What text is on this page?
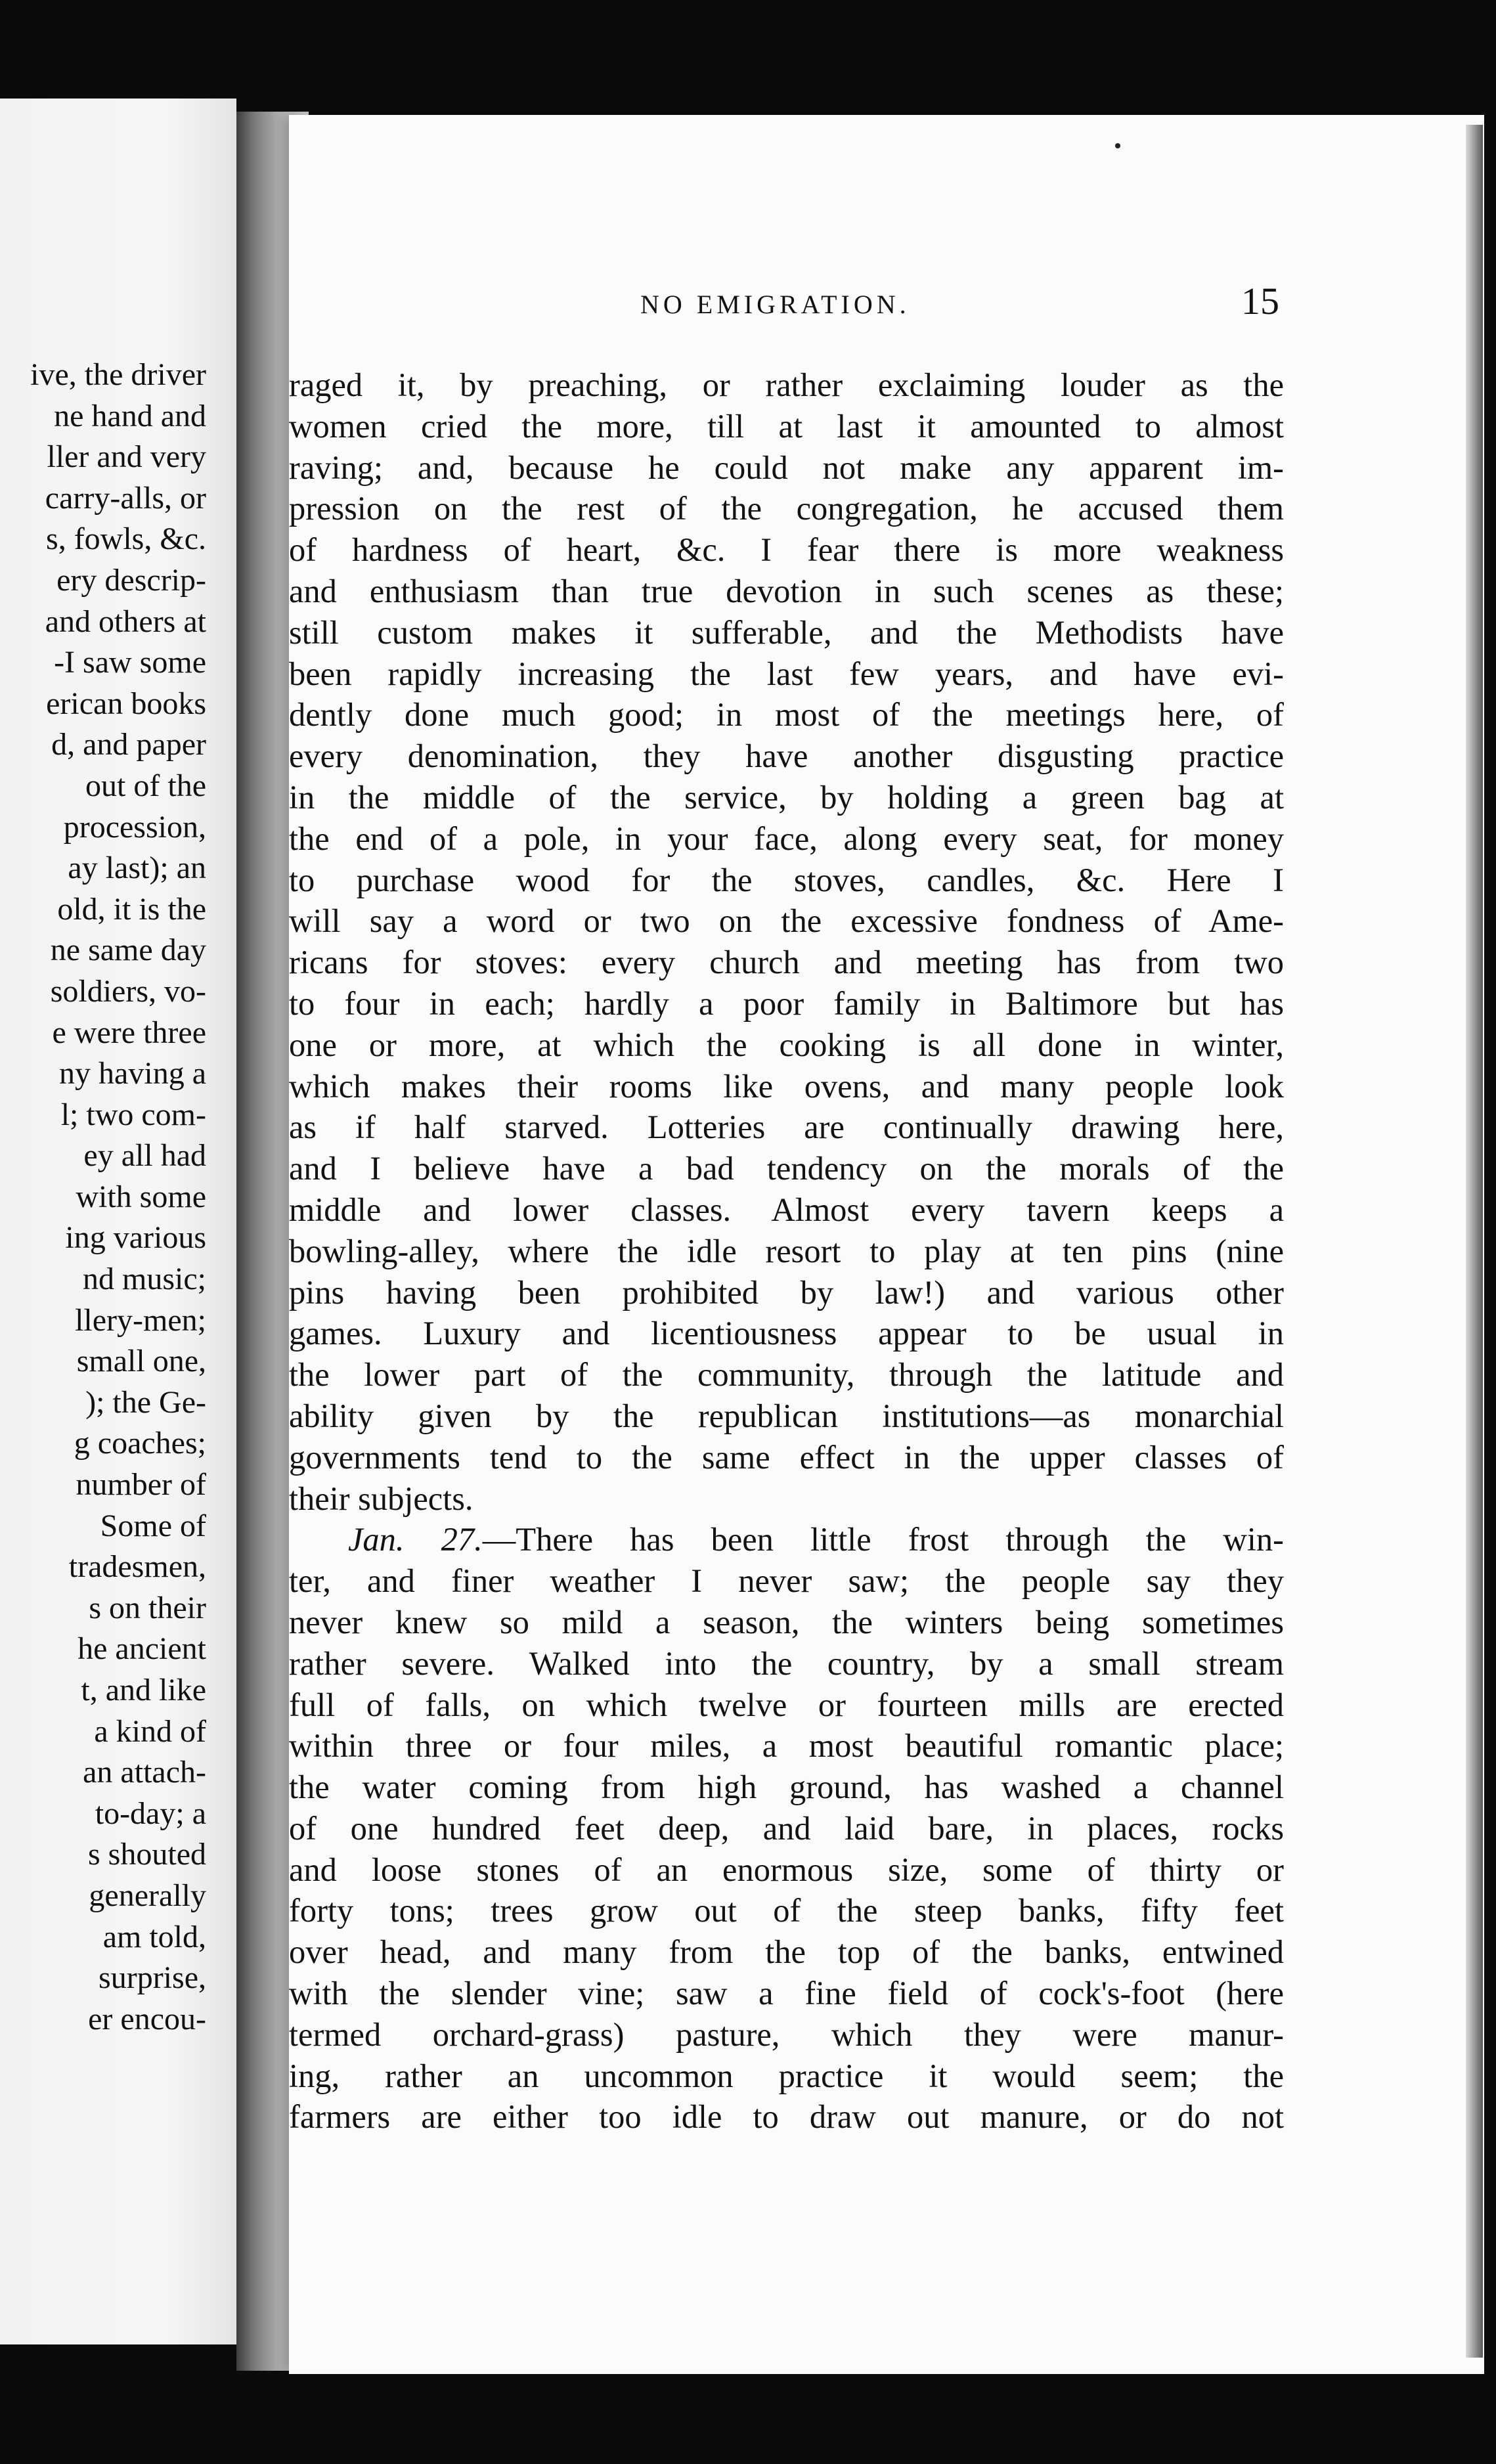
ive, the driver
ne hand and
ller and very
carry-alls, or
s, fowls, &c.
ery descrip-
and others at
-I saw some
erican books
d, and paper
out of the
procession,
ay last); an
old, it is the
ne same day
soldiers, vo-
e were three
ny having a
l; two com-
ey all had
with some
ing various
nd music;
llery-men;
small one,
); the Ge-
g coaches;
number of
Some of
tradesmen,
s on their
he ancient
t, and like
a kind of
an attach-
to-day; a
s shouted
generally
am told,
surprise,
er encou-
NO EMIGRATION.	15
raged it, by preaching, or rather exclaiming louder as the
women cried the more, till at last it amounted to almost
raving; and, because he could not make any apparent im-
pression on the rest of the congregation, he accused them
of hardness of heart, &c. I fear there is more weakness
and enthusiasm than true devotion in such scenes as these;
still custom makes it sufferable, and the Methodists have
been rapidly increasing the last few years, and have evi-
dently done much good; in most of the meetings here, of
every denomination, they have another disgusting practice
in the middle of the service, by holding a green bag at
the end of a pole, in your face, along every seat, for money
to purchase wood for the stoves, candles, &c. Here I
will say a word or two on the excessive fondness of Ame-
ricans for stoves: every church and meeting has from two
to four in each; hardly a poor family in Baltimore but has
one or more, at which the cooking is all done in winter,
which makes their rooms like ovens, and many people look
as if half starved. Lotteries are continually drawing here,
and I believe have a bad tendency on the morals of the
middle and lower classes. Almost every tavern keeps a
bowling-alley, where the idle resort to play at ten pins (nine
pins having been prohibited by law!) and various other
games. Luxury and licentiousness appear to be usual in
the lower part of the community, through the latitude and
ability given by the republican institutions—as monarchial
governments tend to the same effect in the upper classes of
their subjects.
Jan. 27.—There has been little frost through the win-
ter, and finer weather I never saw; the people say they
never knew so mild a season, the winters being sometimes
rather severe. Walked into the country, by a small stream
full of falls, on which twelve or fourteen mills are erected
within three or four miles, a most beautiful romantic place;
the water coming from high ground, has washed a channel
of one hundred feet deep, and laid bare, in places, rocks
and loose stones of an enormous size, some of thirty or
forty tons; trees grow out of the steep banks, fifty feet
over head, and many from the top of the banks, entwined
with the slender vine; saw a fine field of cock's-foot (here
termed orchard-grass) pasture, which they were manur-
ing, rather an uncommon practice it would seem; the
farmers are either too idle to draw out manure, or do not
